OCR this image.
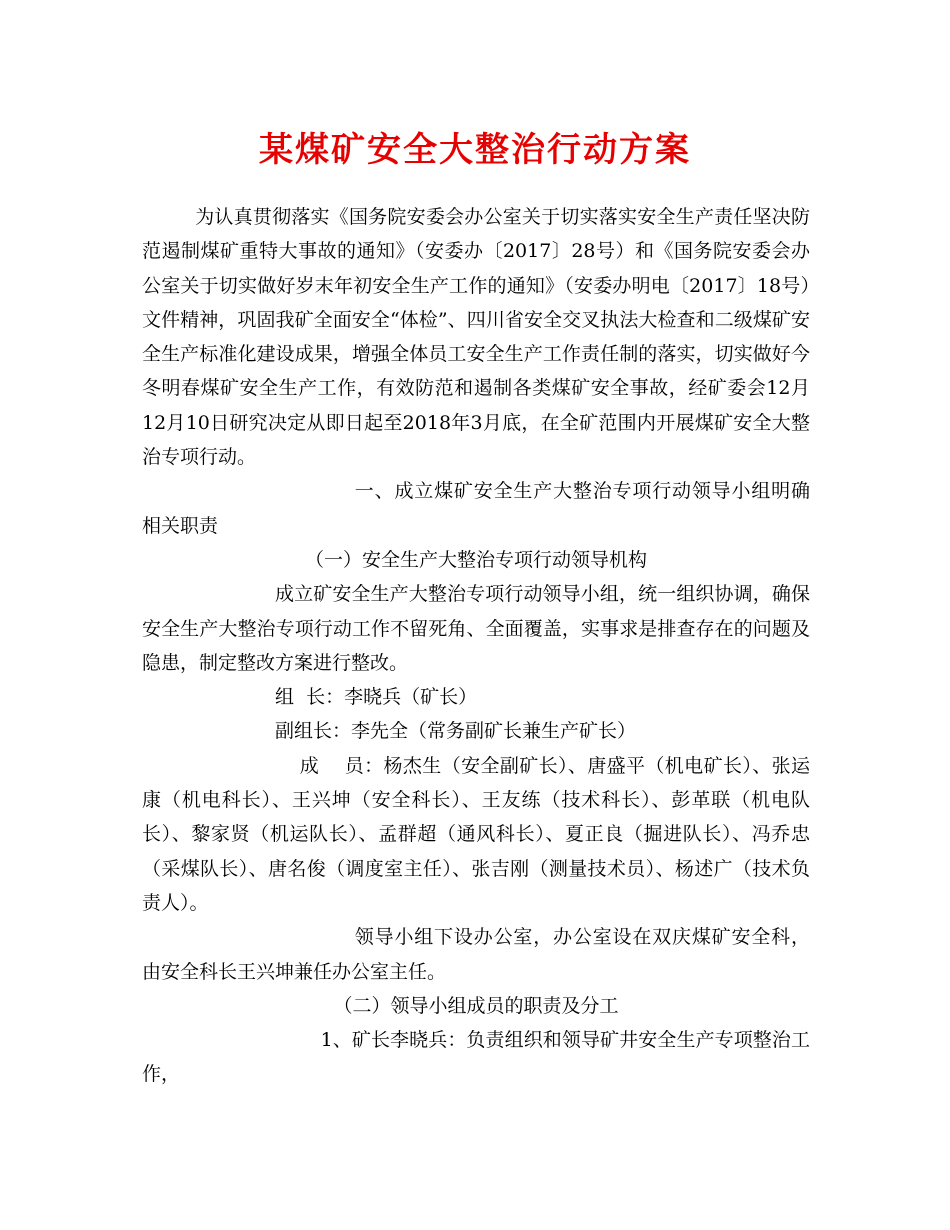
某煤矿安全大整治行动方案

为认真贯彻落实《国务院安委会办公室关于切实落实安全生产责任坚决防范遏制煤矿重特大事故的通知》（安委办〔2017〕28号）和《国务院安委会办公室关于切实做好岁末年初安全生产工作的通知》（安委办明电〔2017〕18号）文件精神，巩固我矿全面安全“体检”、四川省安全交叉执法大检查和二级煤矿安全生产标准化建设成果，增强全体员工安全生产工作责任制的落实，切实做好今冬明春煤矿安全生产工作，有效防范和遏制各类煤矿安全事故，经矿委会12月12月10日研究决定从即日起至2018年3月底，在全矿范围内开展煤矿安全大整治专项行动。

一、成立煤矿安全生产大整治专项行动领导小组明确相关职责

（一）安全生产大整治专项行动领导机构

成立矿安全生产大整治专项行动领导小组，统一组织协调，确保安全生产大整治专项行动工作不留死角、全面覆盖，实事求是排查存在的问题及隐患，制定整改方案进行整改。

组  长：李晓兵（矿长）

副组长：李先全（常务副矿长兼生产矿长）

成    员：杨杰生（安全副矿长）、唐盛平（机电矿长）、张运康（机电科长）、王兴坤（安全科长）、王友练（技术科长）、彭革联（机电队长）、黎家贤（机运队长）、孟群超（通风科长）、夏正良（掘进队长）、冯乔忠（采煤队长）、唐名俊（调度室主任）、张吉刚（测量技术员）、杨述广（技术负责人）。

领导小组下设办公室，办公室设在双庆煤矿安全科，由安全科长王兴坤兼任办公室主任。

（二）领导小组成员的职责及分工

1、矿长李晓兵：负责组织和领导矿井安全生产专项整治工作，
